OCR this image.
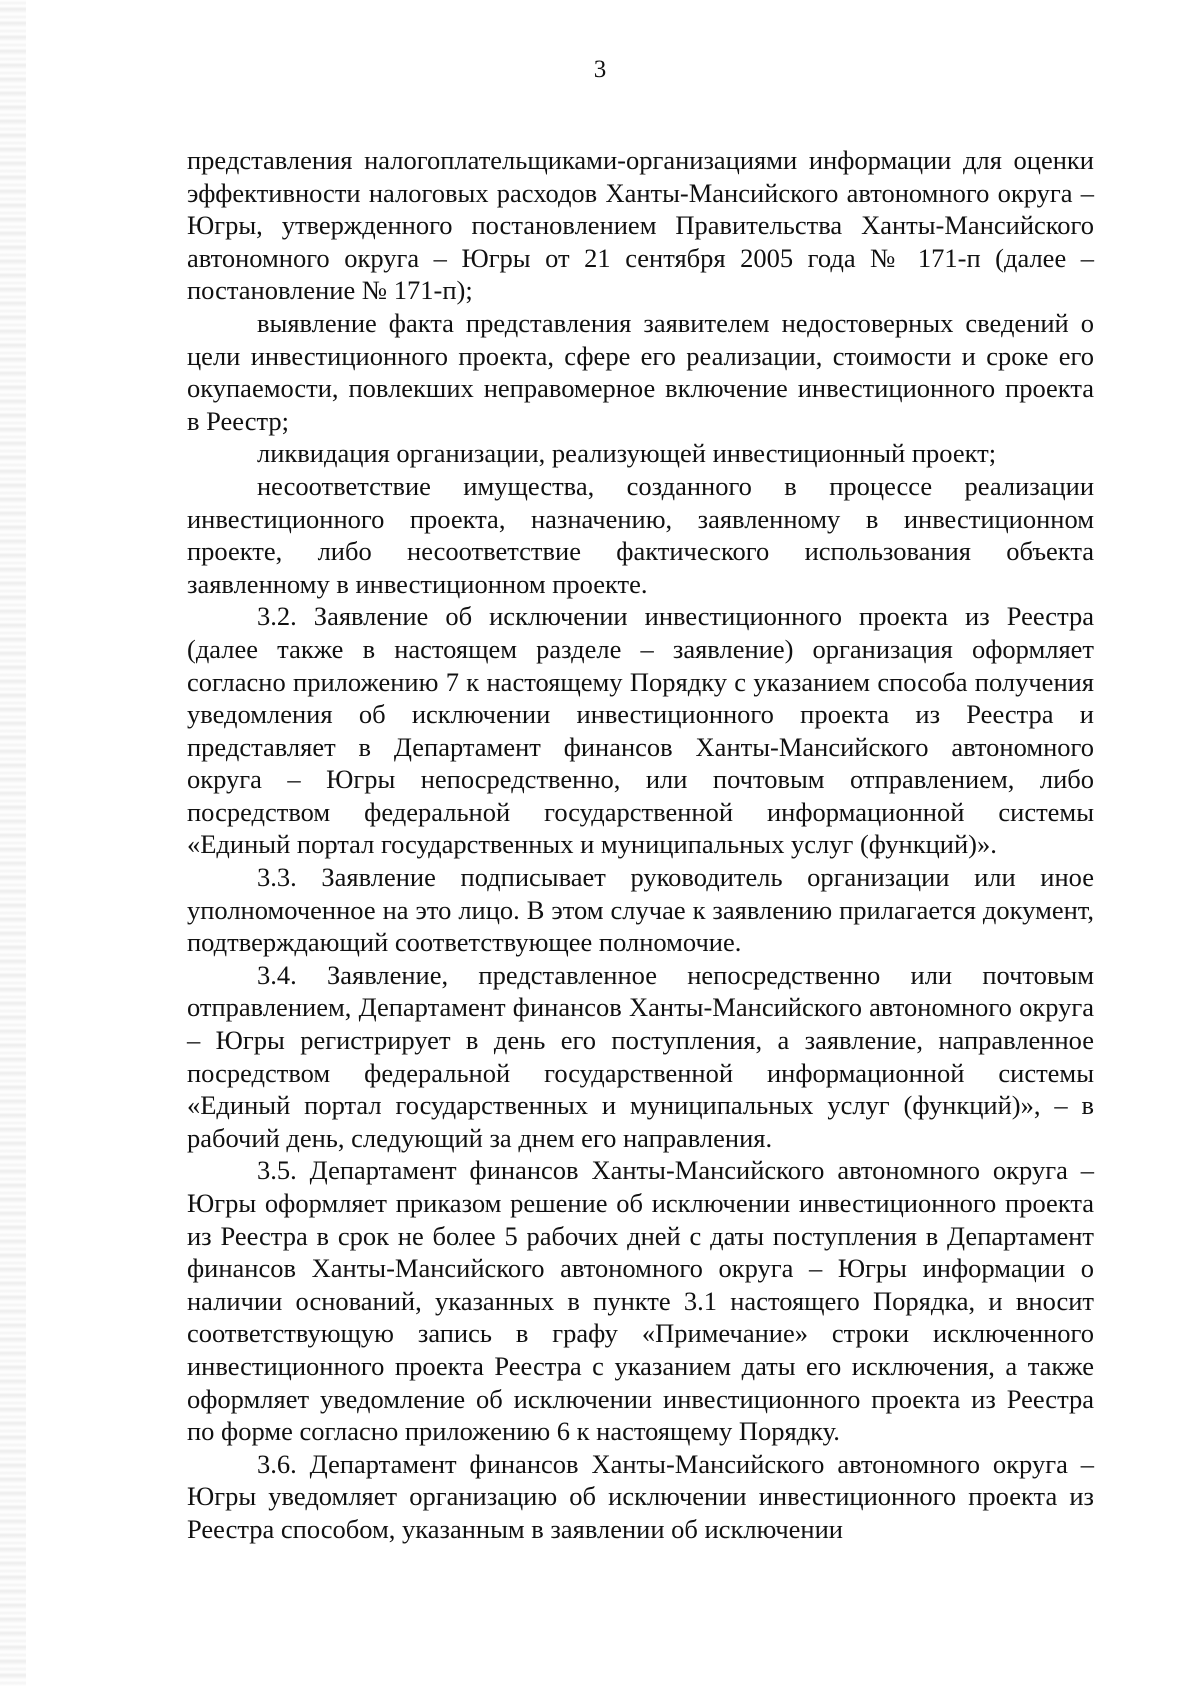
3

представления налогоплательщиками-организациями информации для оценки эффективности налоговых расходов Ханты-Мансийского автономного округа – Югры, утвержденного постановлением Правительства Ханты-Мансийского автономного округа – Югры от 21 сентября 2005 года № 171-п (далее – постановление № 171-п);

выявление факта представления заявителем недостоверных сведений о цели инвестиционного проекта, сфере его реализации, стоимости и сроке его окупаемости, повлекших неправомерное включение инвестиционного проекта в Реестр;

ликвидация организации, реализующей инвестиционный проект;

несоответствие имущества, созданного в процессе реализации инвестиционного проекта, назначению, заявленному в инвестиционном проекте, либо несоответствие фактического использования объекта заявленному в инвестиционном проекте.

3.2. Заявление об исключении инвестиционного проекта из Реестра (далее также в настоящем разделе – заявление) организация оформляет согласно приложению 7 к настоящему Порядку с указанием способа получения уведомления об исключении инвестиционного проекта из Реестра и представляет в Департамент финансов Ханты-Мансийского автономного округа – Югры непосредственно, или почтовым отправлением, либо посредством федеральной государственной информационной системы «Единый портал государственных и муниципальных услуг (функций)».

3.3. Заявление подписывает руководитель организации или иное уполномоченное на это лицо. В этом случае к заявлению прилагается документ, подтверждающий соответствующее полномочие.

3.4. Заявление, представленное непосредственно или почтовым отправлением, Департамент финансов Ханты-Мансийского автономного округа – Югры регистрирует в день его поступления, а заявление, направленное посредством федеральной государственной информационной системы «Единый портал государственных и муниципальных услуг (функций)», – в рабочий день, следующий за днем его направления.

3.5. Департамент финансов Ханты-Мансийского автономного округа – Югры оформляет приказом решение об исключении инвестиционного проекта из Реестра в срок не более 5 рабочих дней с даты поступления в Департамент финансов Ханты-Мансийского автономного округа – Югры информации о наличии оснований, указанных в пункте 3.1 настоящего Порядка, и вносит соответствующую запись в графу «Примечание» строки исключенного инвестиционного проекта Реестра с указанием даты его исключения, а также оформляет уведомление об исключении инвестиционного проекта из Реестра по форме согласно приложению 6 к настоящему Порядку.

3.6. Департамент финансов Ханты-Мансийского автономного округа – Югры уведомляет организацию об исключении инвестиционного проекта из Реестра способом, указанным в заявлении об исключении
